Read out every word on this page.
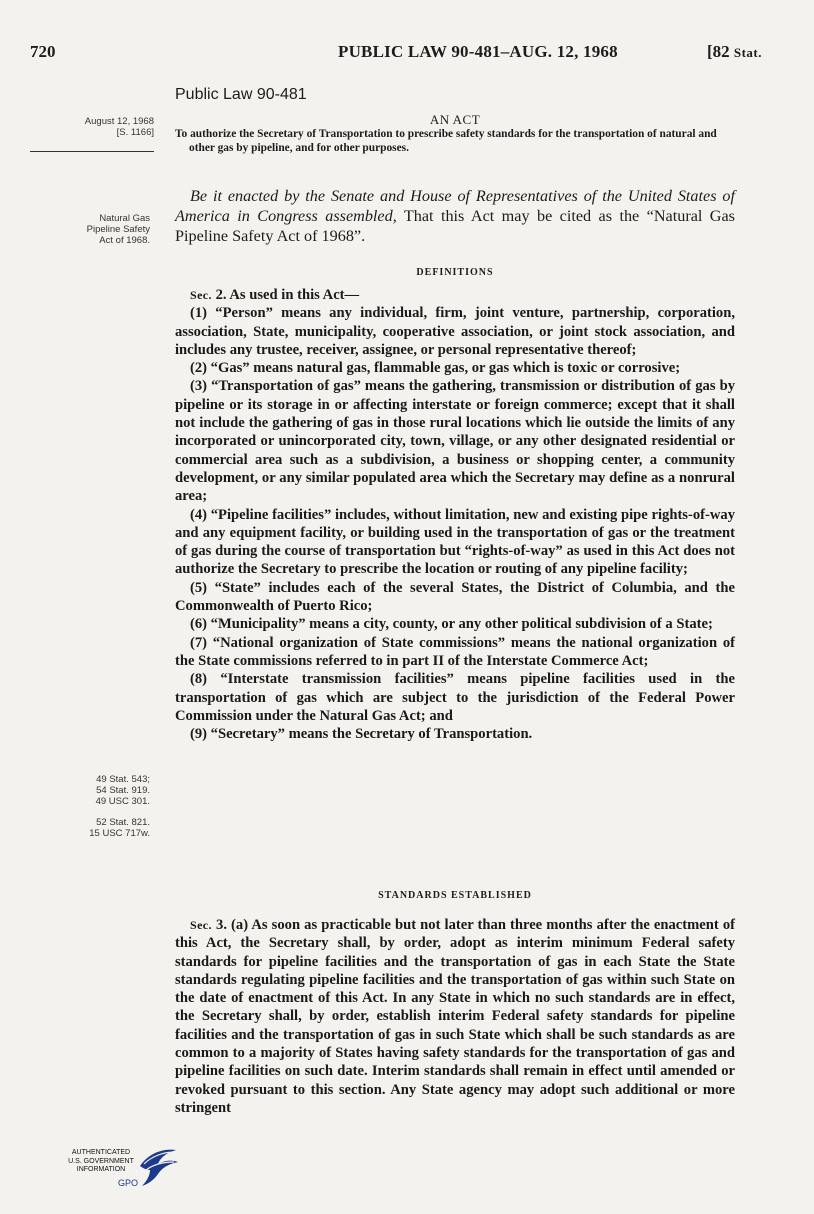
720	PUBLIC LAW 90-481–AUG. 12, 1968	[82 Stat.
August 12, 1968
[S. 1166]
Natural Gas
Pipeline Safety
Act of 1968.
49 Stat. 543;
54 Stat. 919.
49 USC 301.
52 Stat. 821.
15 USC 717w.
Public Law 90-481
AN ACT
To authorize the Secretary of Transportation to prescribe safety standards for the transportation of natural and other gas by pipeline, and for other purposes.
Be it enacted by the Senate and House of Representatives of the United States of America in Congress assembled, That this Act may be cited as the “Natural Gas Pipeline Safety Act of 1968”.
DEFINITIONS

Sec. 2. As used in this Act—

(1) “Person” means any individual, firm, joint venture, partnership, corporation, association, State, municipality, cooperative association, or joint stock association, and includes any trustee, receiver, assignee, or personal representative thereof;

(2) “Gas” means natural gas, flammable gas, or gas which is toxic or corrosive;

(3) “Transportation of gas” means the gathering, transmission or distribution of gas by pipeline or its storage in or affecting interstate or foreign commerce; except that it shall not include the gathering of gas in those rural locations which lie outside the limits of any incorporated or unincorporated city, town, village, or any other designated residential or commercial area such as a subdivision, a business or shopping center, a community development, or any similar populated area which the Secretary may define as a nonrural area;

(4) “Pipeline facilities” includes, without limitation, new and existing pipe rights-of-way and any equipment facility, or building used in the transportation of gas or the treatment of gas during the course of transportation but “rights-of-way” as used in this Act does not authorize the Secretary to prescribe the location or routing of any pipeline facility;

(5) “State” includes each of the several States, the District of Columbia, and the Commonwealth of Puerto Rico;

(6) “Municipality” means a city, county, or any other political subdivision of a State;

(7) “National organization of State commissions” means the national organization of the State commissions referred to in part II of the Interstate Commerce Act;

(8) “Interstate transmission facilities” means pipeline facilities used in the transportation of gas which are subject to the jurisdiction of the Federal Power Commission under the Natural Gas Act; and

(9) “Secretary” means the Secretary of Transportation.

STANDARDS ESTABLISHED

Sec. 3. (a) As soon as practicable but not later than three months after the enactment of this Act, the Secretary shall, by order, adopt as interim minimum Federal safety standards for pipeline facilities and the transportation of gas in each State the State standards regulating pipeline facilities and the transportation of gas within such State on the date of enactment of this Act. In any State in which no such standards are in effect, the Secretary shall, by order, establish interim Federal safety standards for pipeline facilities and the transportation of gas in such State which shall be such standards as are common to a majority of States having safety standards for the transportation of gas and pipeline facilities on such date. Interim standards shall remain in effect until amended or revoked pursuant to this section. Any State agency may adopt such additional or more stringent

AUTHENTICATED
U.S. GOVERNMENT
INFORMATION
GPO
